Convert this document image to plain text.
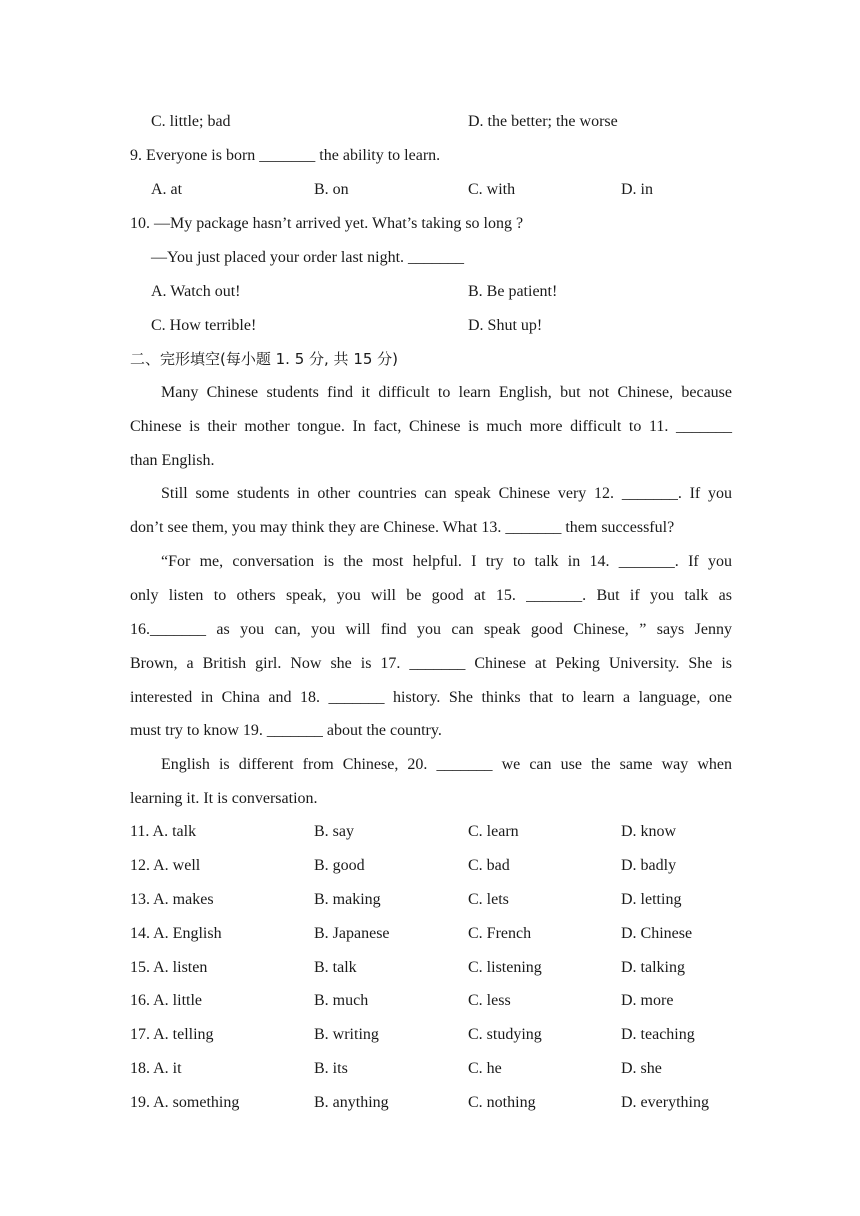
C. little; bad	D. the better; the worse
9. Everyone is born _______ the ability to learn.
A. at	B. on	C. with	D. in
10. —My package hasn’t arrived yet. What’s taking so long ?
—You just placed your order last night. _______
A. Watch out!	B. Be patient!
C. How terrible!	D. Shut up!
二、完形填空(每小题 1. 5 分, 共 15 分)
Many Chinese students find it difficult to learn English, but not Chinese, because
Chinese is their mother tongue. In fact, Chinese is much more difficult to 11. _______
than English.
Still some students in other countries can speak Chinese very 12. _______. If you
don’t see them, you may think they are Chinese. What 13. _______ them successful?
“For me, conversation is the most helpful. I try to talk in 14. _______. If you
only listen to others speak, you will be good at 15. _______. But if you talk as
16._______ as you can, you will find you can speak good Chinese, ” says Jenny
Brown, a British girl. Now she is 17. _______ Chinese at Peking University. She is
interested in China and 18. _______ history. She thinks that to learn a language, one
must try to know 19. _______ about the country.
English is different from Chinese, 20. _______ we can use the same way when
learning it. It is conversation.
11. A. talk	B. say	C. learn	D. know
12. A. well	B. good	C. bad	D. badly
13. A. makes	B. making	C. lets	D. letting
14. A. English	B. Japanese	C. French	D. Chinese
15. A. listen	B. talk	C. listening	D. talking
16. A. little	B. much	C. less	D. more
17. A. telling	B. writing	C. studying	D. teaching
18. A. it	B. its	C. he	D. she
19. A. something	B. anything	C. nothing	D. everything
